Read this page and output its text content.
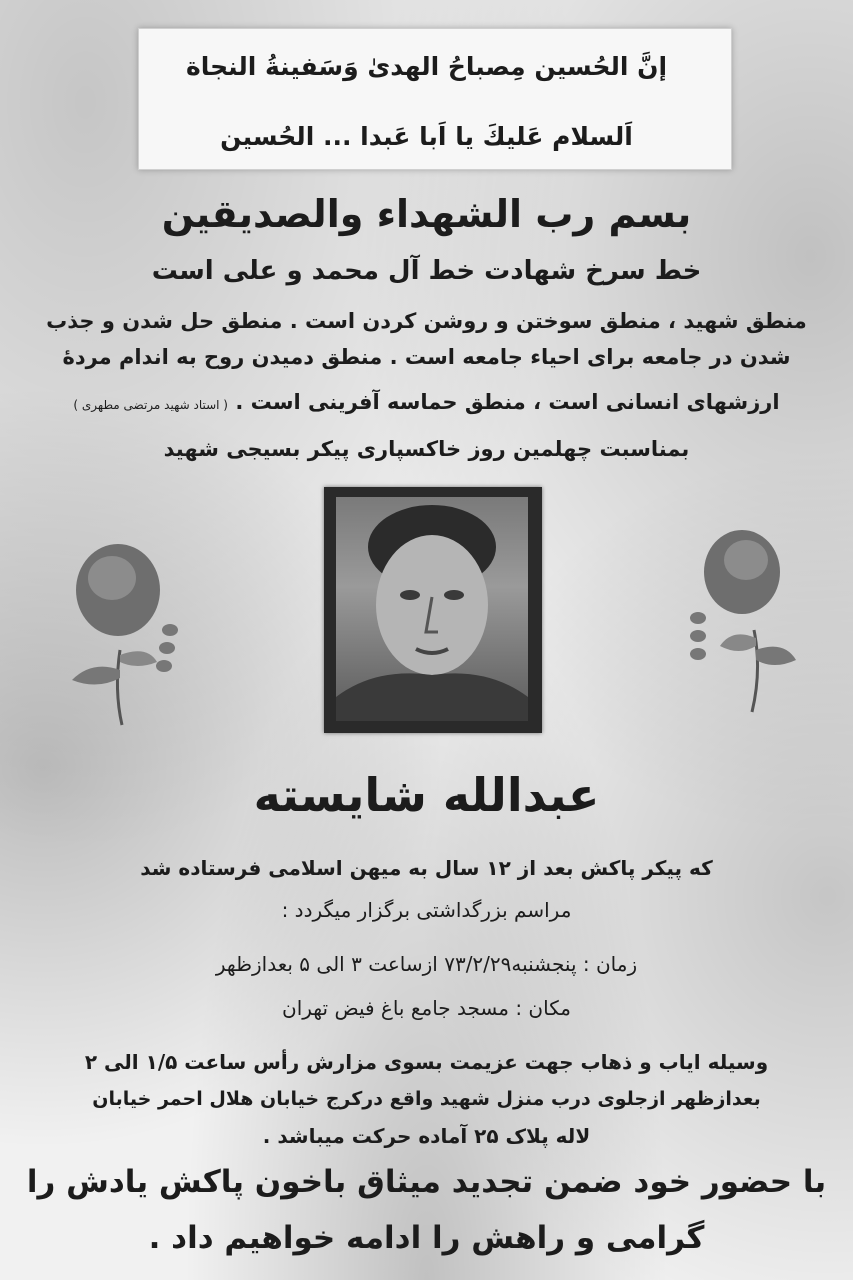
إنَّ الحُسين مِصباحُ الهدیٰ وَسَفینةُ النجاة
اَلسلام عَلیكَ یا اَبا عَبدا ... الحُسین
بسم رب الشهداء والصدیقین
خط سرخ شهادت خط آل محمد و علی است
منطق شهید ، منطق سوختن و روشن کردن است . منطق حل شدن و جذب
شدن در جامعه برای احیاء جامعه است . منطق دمیدن روح به اندام مردهٔ
ارزشهای انسانی است ، منطق حماسه آفرینی است . ( استاد شهید مرتضی مطهری )
بمناسبت چهلمین روز خاکسپاری پیکر بسیجی شهید
عبدالله شایسته
که پیکر پاکش بعد از ۱۲ سال به میهن اسلامی فرستاده شد
مراسم بزرگداشتی برگزار میگردد :
زمان : پنجشنبه۷۳/۲/۲۹ ازساعت ۳ الی ۵ بعدازظهر
مکان : مسجد جامع باغ فیض تهران
وسیله ایاب و ذهاب جهت عزیمت بسوی مزارش رأس ساعت ۱/۵ الی ۲
بعدازظهر ازجلوی درب منزل شهید واقع درکرج خیابان هلال احمر خیابان
لاله پلاک ۲۵ آماده حرکت میباشد .
با حضور خود ضمن تجدید میثاق باخون پاکش یادش را
گرامی و راهش را ادامه خواهیم داد .
